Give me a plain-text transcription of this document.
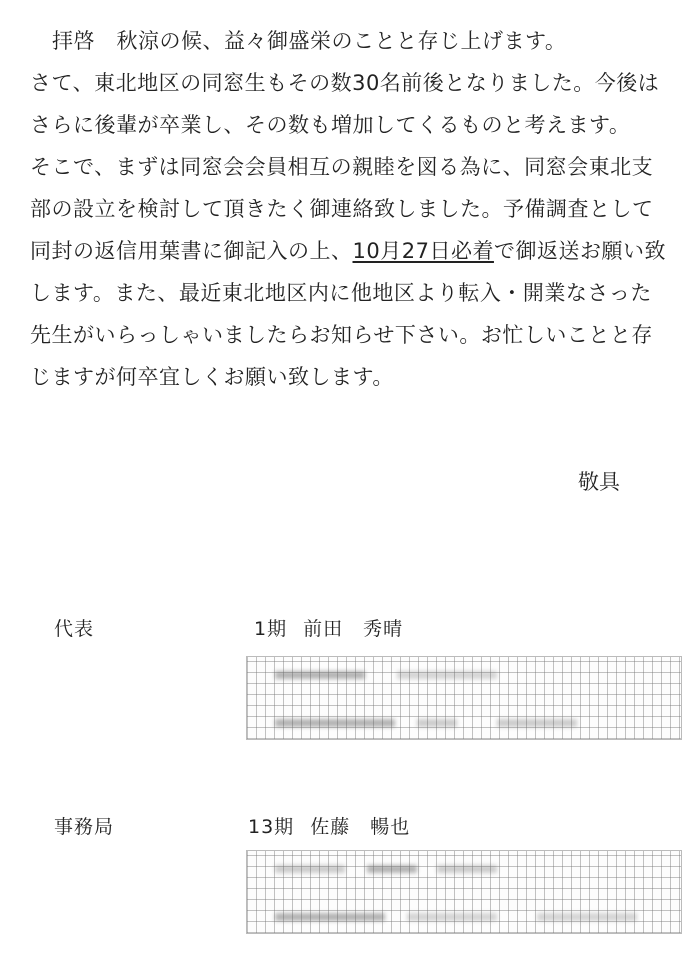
拝啓　秋涼の候、益々御盛栄のことと存じ上げます。
さて、東北地区の同窓生もその数30名前後となりました。今後は
さらに後輩が卒業し、その数も増加してくるものと考えます。
そこで、まずは同窓会会員相互の親睦を図る為に、同窓会東北支
部の設立を検討して頂きたく御連絡致しました。予備調査として
同封の返信用葉書に御記入の上、10月27日必着で御返送お願い致
します。また、最近東北地区内に他地区より転入・開業なさった
先生がいらっしゃいましたらお知らせ下さい。お忙しいことと存
じますが何卒宜しくお願い致します。
敬具
代表	1期 前田 秀晴
事務局	13期 佐藤 暢也
